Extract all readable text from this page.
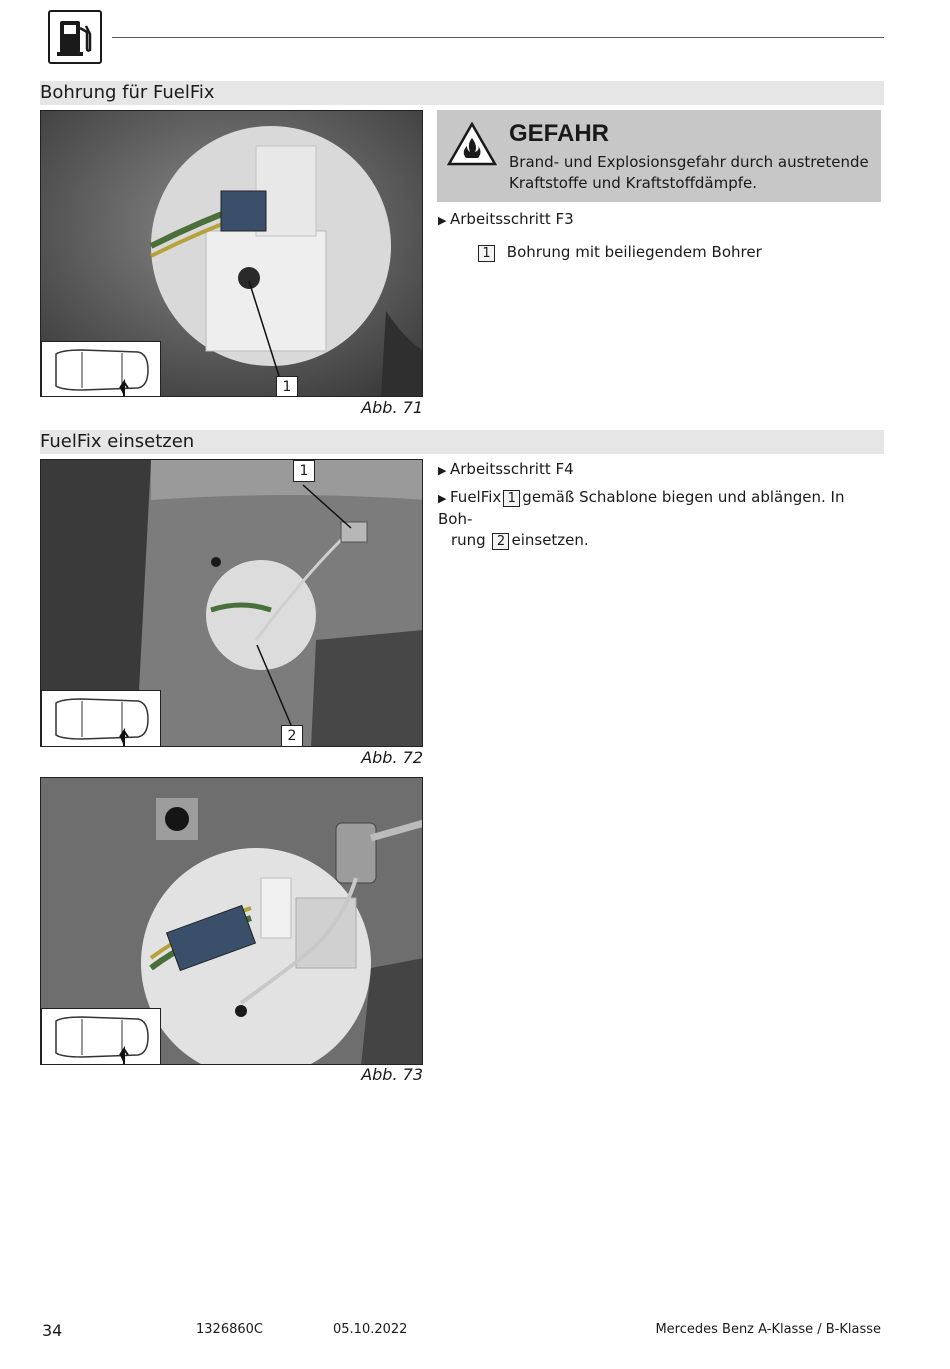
Bohrung für FuelFix
1
Abb. 71
GEFAHR
Brand- und Explosionsgefahr durch austretende
Kraftstoffe und Kraftstoffdämpfe.
▶ Arbeitsschritt F3
1 Bohrung mit beiliegendem Bohrer
FuelFix einsetzen
1
2
Abb. 72
▶ Arbeitsschritt F4
▶ FuelFix 1 gemäß Schablone biegen und ablängen. In Boh-
rung 2 einsetzen.
Abb. 73
34	1326860C	05.10.2022	Mercedes Benz A-Klasse / B-Klasse
